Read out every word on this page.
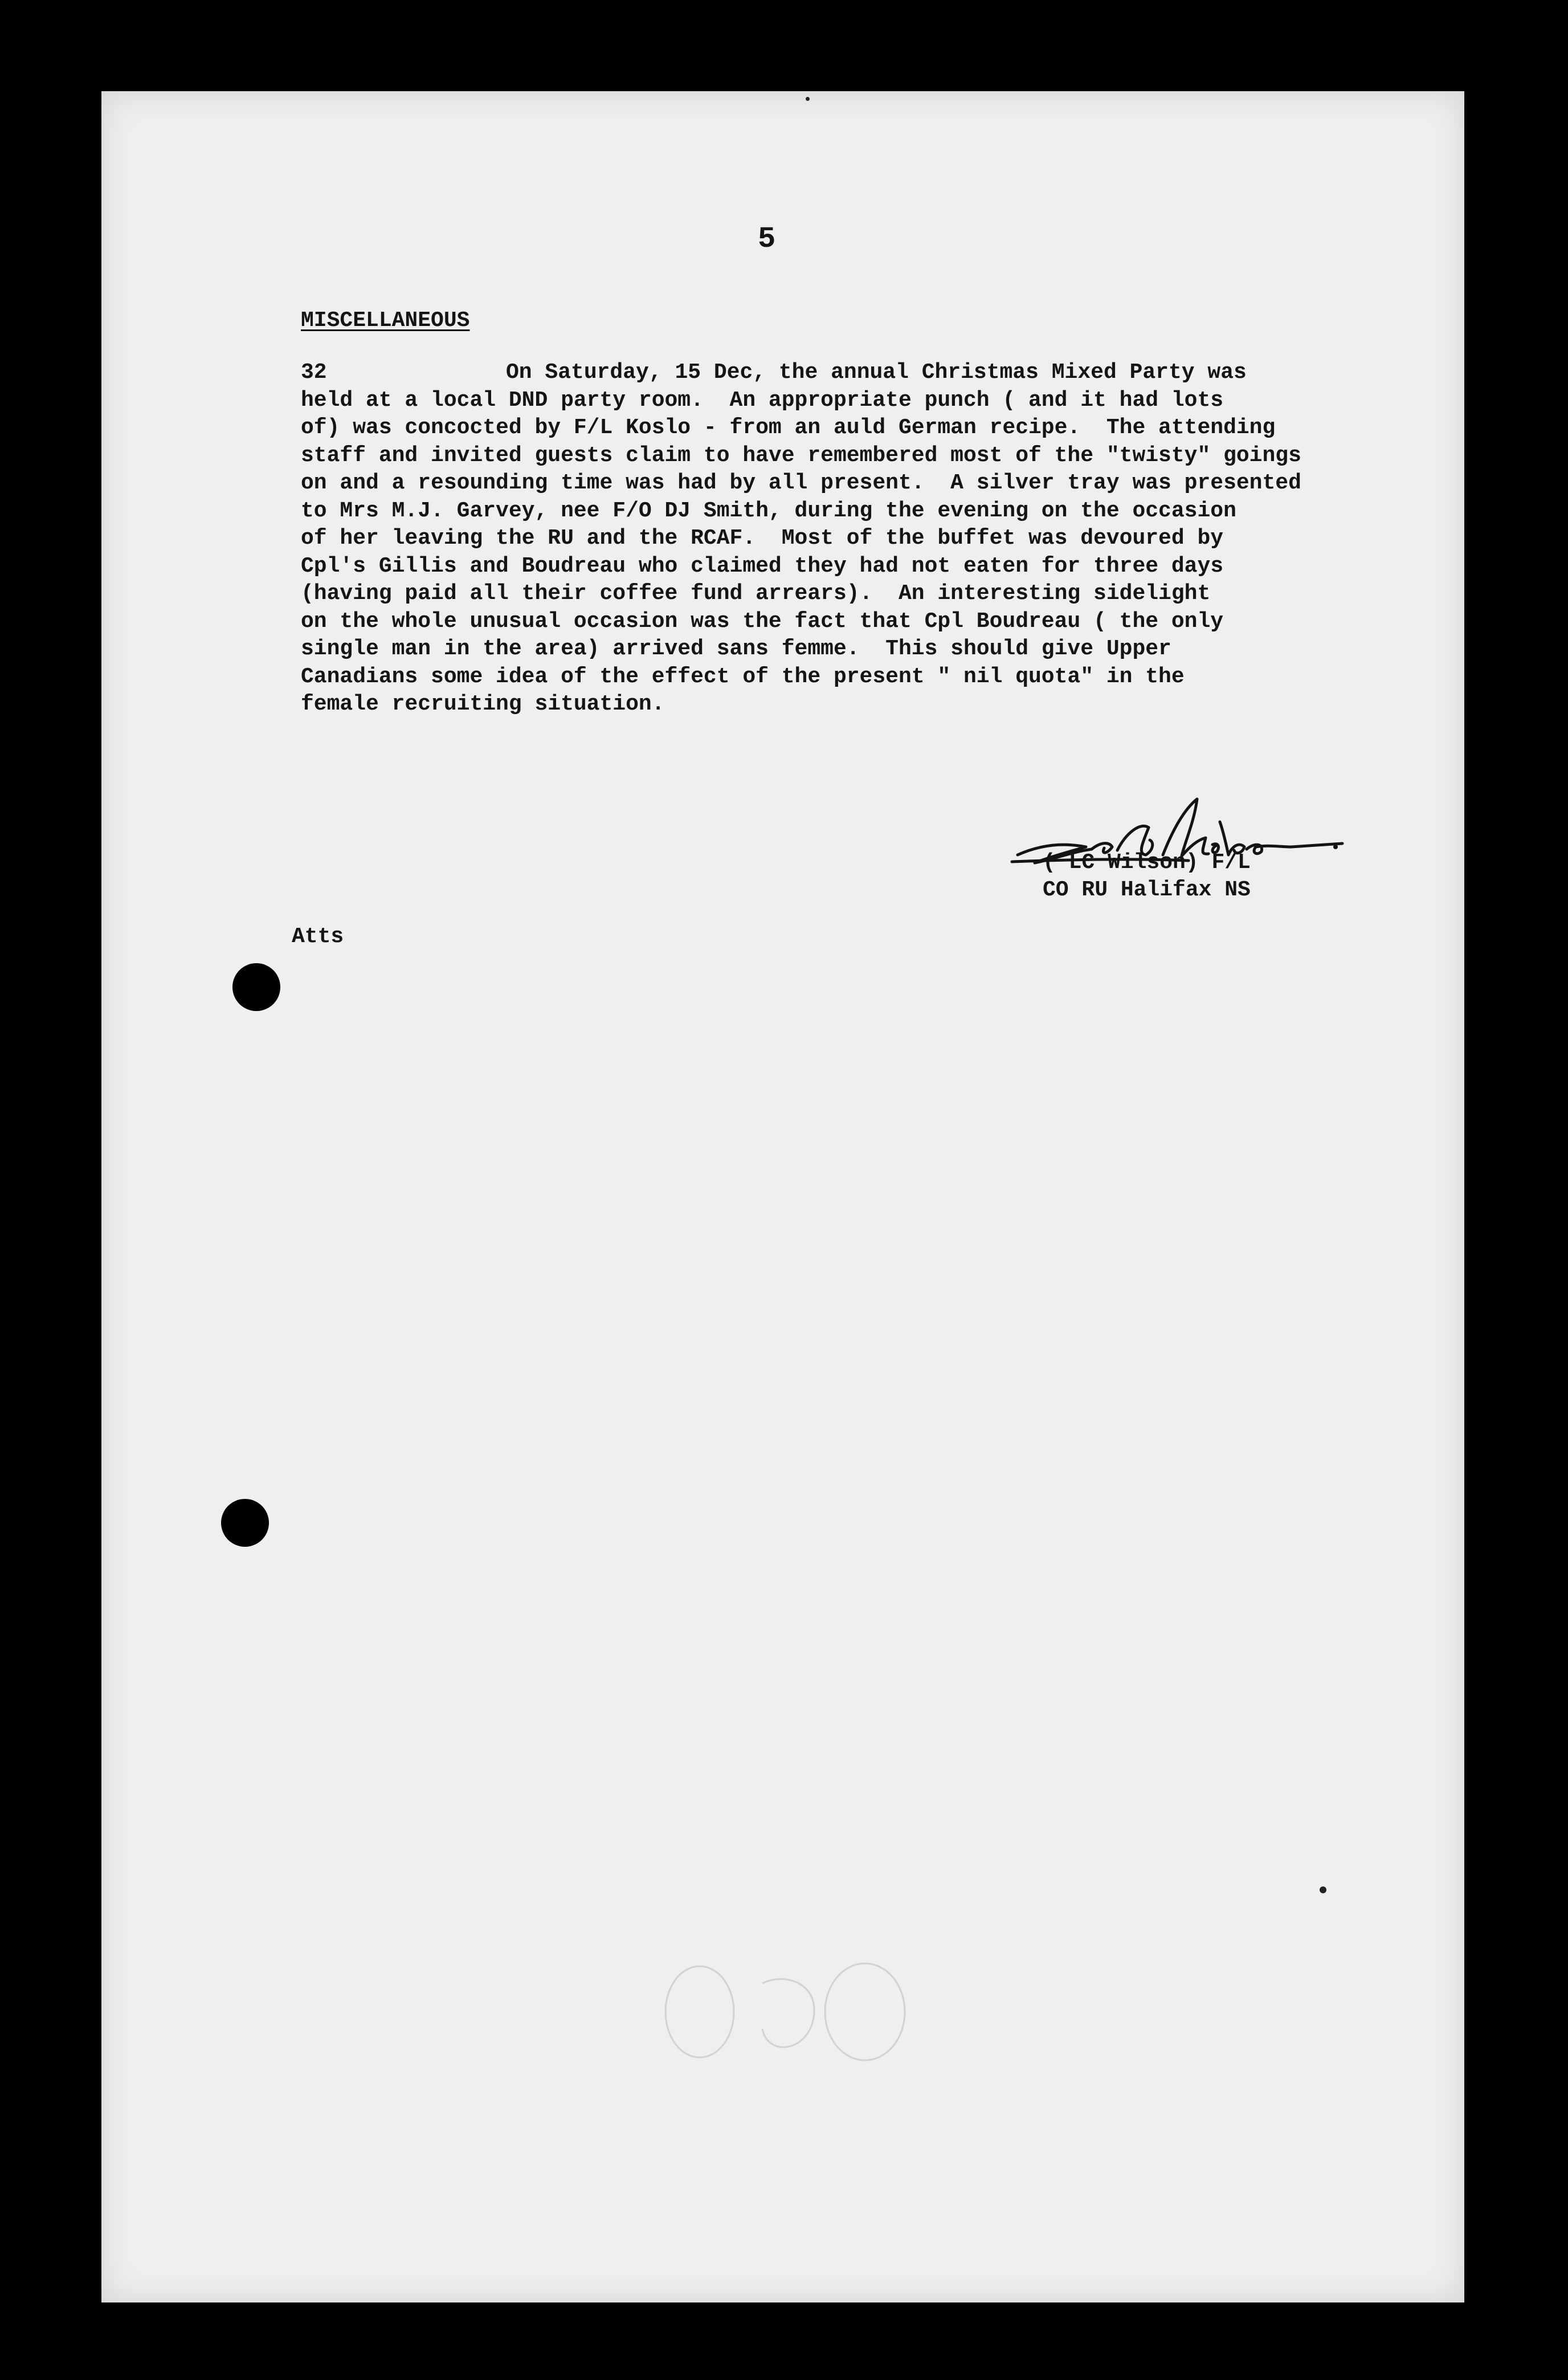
5
MISCELLANEOUS
32	On Saturday, 15 Dec, the annual Christmas Mixed Party was
held at a local DND party room.  An appropriate punch ( and it had lots
of) was concocted by F/L Koslo - from an auld German recipe.  The attending
staff and invited guests claim to have remembered most of the "twisty" goings
on and a resounding time was had by all present.  A silver tray was presented
to Mrs M.J. Garvey, nee F/O DJ Smith, during the evening on the occasion
of her leaving the RU and the RCAF.  Most of the buffet was devoured by
Cpl's Gillis and Boudreau who claimed they had not eaten for three days
(having paid all their coffee fund arrears).  An interesting sidelight
on the whole unusual occasion was the fact that Cpl Boudreau ( the only
single man in the area) arrived sans femme.  This should give Upper
Canadians some idea of the effect of the present " nil quota" in the
female recruiting situation.
( LC Wilson) F/L
CO RU Halifax NS
Atts
